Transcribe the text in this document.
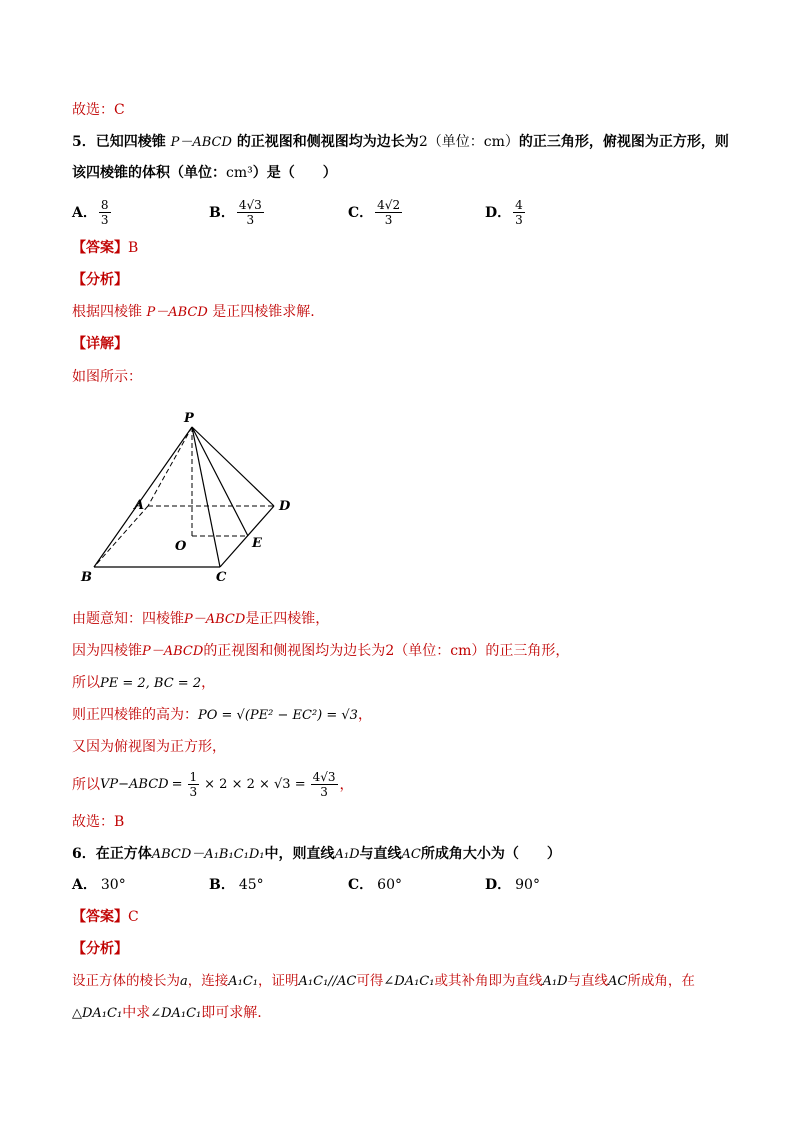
故选：C
5．已知四棱锥 P－ABCD 的正视图和侧视图均为边长为2（单位：cm）的正三角形，俯视图为正方形，则
该四棱锥的体积（单位：cm³）是（　　）
A． $\frac{8}{3}$	B． $\frac{4√3}{3}$	C． $\frac{4√2}{3}$	D． $\frac{4}{3}$
【答案】B
【分析】
根据四棱锥 P－ABCD 是正四棱锥求解.
【详解】
如图所示：
P
A	D
O	E
B	C
由题意知：四棱锥P－ABCD是正四棱锥，
因为四棱锥P－ABCD的正视图和侧视图均为边长为2（单位：cm）的正三角形，
所以PE = 2, BC = 2，
则正四棱锥的高为：PO = √(PE² − EC²) = √3，
又因为俯视图为正方形，
所以 V P−ABCD = $\frac{1}{3} \times 2 \times 2 \times √3 = \frac{4√3}{3}$ ，
故选：B
6．在正方体ABCD－A₁B₁C₁D₁中，则直线A₁D与直线AC所成角大小为（　　）
A． 30°	B． 45°	C． 60°	D． 90°
【答案】C
【分析】
设正方体的棱长为a，连接A₁C₁，证明A₁C₁//AC可得∠DA₁C₁或其补角即为直线A₁D与直线AC所成角，在
△DA₁C₁中求∠DA₁C₁即可求解.
